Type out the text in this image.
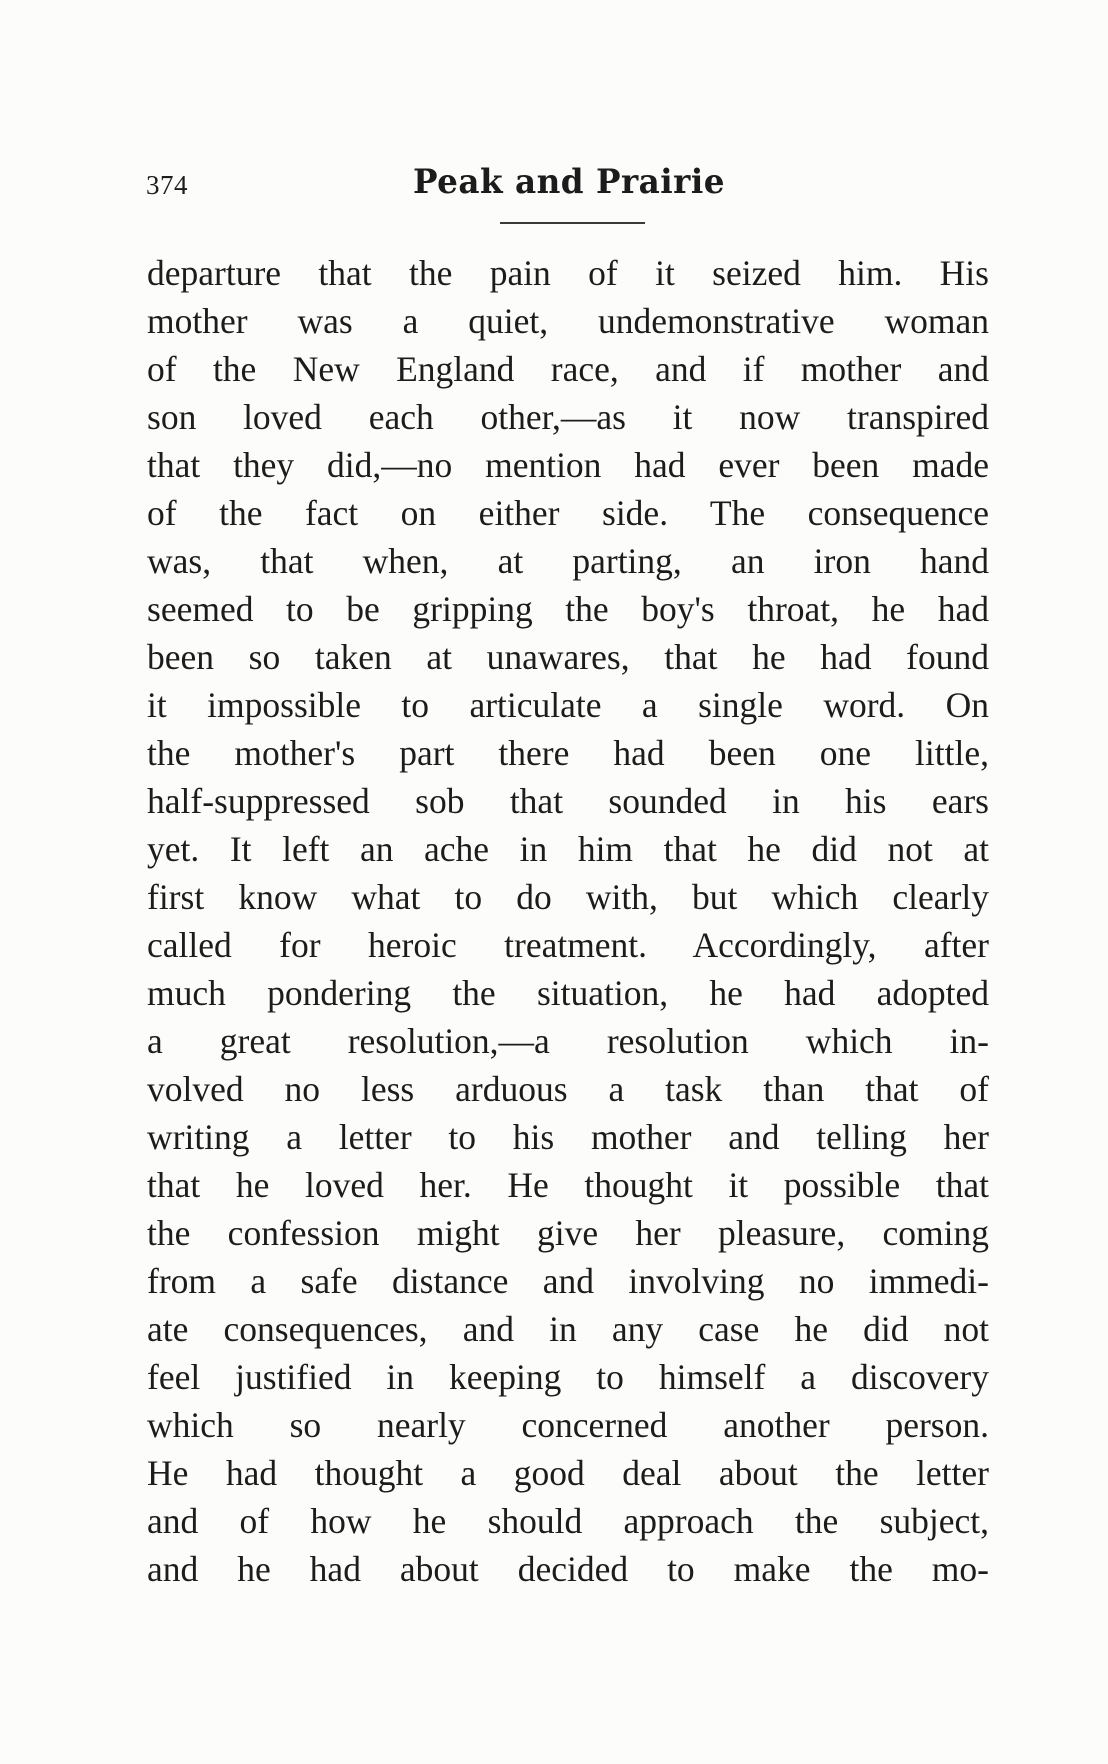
374	Peak and Prairie
departure that the pain of it seized him. His
mother was a quiet, undemonstrative woman
of the New England race, and if mother and
son loved each other,—as it now transpired
that they did,—no mention had ever been made
of the fact on either side. The consequence
was, that when, at parting, an iron hand
seemed to be gripping the boy's throat, he had
been so taken at unawares, that he had found
it impossible to articulate a single word. On
the mother's part there had been one little,
half-suppressed sob that sounded in his ears
yet. It left an ache in him that he did not at
first know what to do with, but which clearly
called for heroic treatment. Accordingly, after
much pondering the situation, he had adopted
a great resolution,—a resolution which in-
volved no less arduous a task than that of
writing a letter to his mother and telling her
that he loved her. He thought it possible that
the confession might give her pleasure, coming
from a safe distance and involving no immedi-
ate consequences, and in any case he did not
feel justified in keeping to himself a discovery
which so nearly concerned another person.
He had thought a good deal about the letter
and of how he should approach the subject,
and he had about decided to make the mo-
